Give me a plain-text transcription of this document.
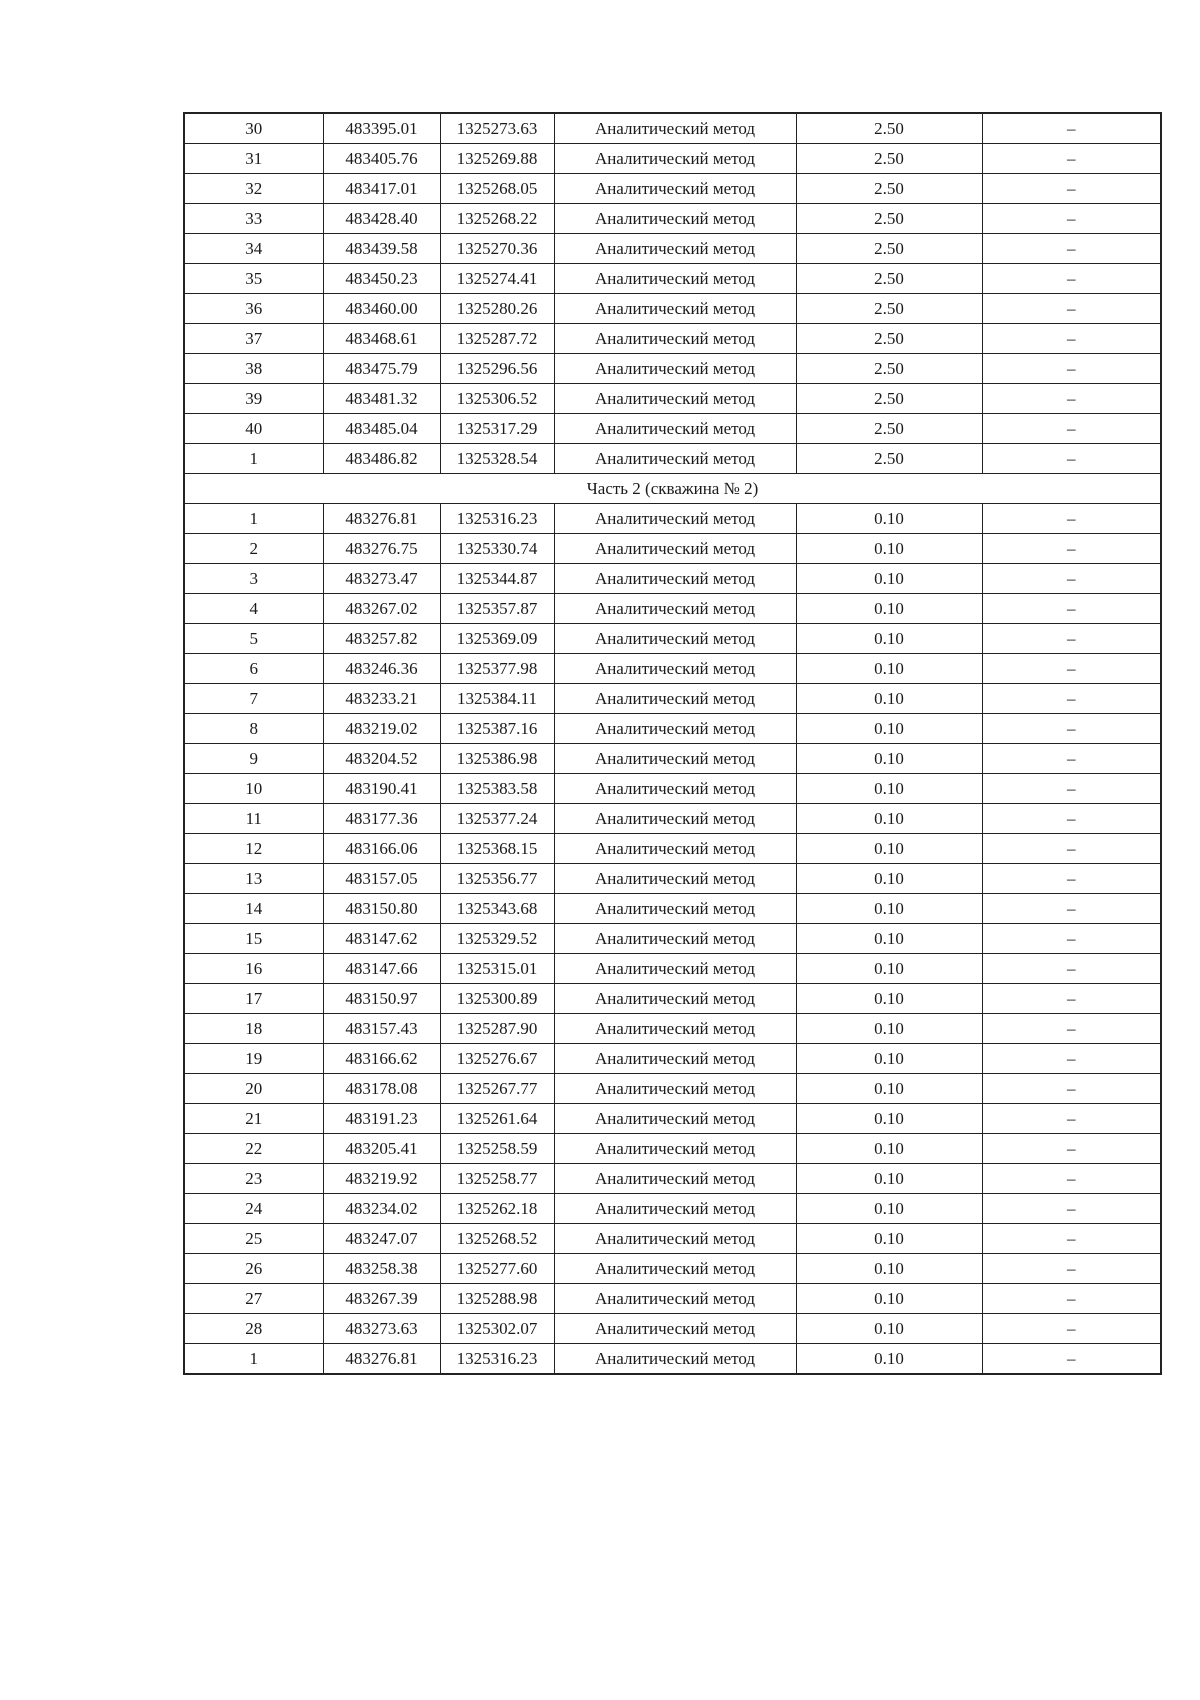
30	483395.01	1325273.63	Аналитический метод	2.50	–
31	483405.76	1325269.88	Аналитический метод	2.50	–
32	483417.01	1325268.05	Аналитический метод	2.50	–
33	483428.40	1325268.22	Аналитический метод	2.50	–
34	483439.58	1325270.36	Аналитический метод	2.50	–
35	483450.23	1325274.41	Аналитический метод	2.50	–
36	483460.00	1325280.26	Аналитический метод	2.50	–
37	483468.61	1325287.72	Аналитический метод	2.50	–
38	483475.79	1325296.56	Аналитический метод	2.50	–
39	483481.32	1325306.52	Аналитический метод	2.50	–
40	483485.04	1325317.29	Аналитический метод	2.50	–
1	483486.82	1325328.54	Аналитический метод	2.50	–
Часть 2 (скважина № 2)					
1	483276.81	1325316.23	Аналитический метод	0.10	–
2	483276.75	1325330.74	Аналитический метод	0.10	–
3	483273.47	1325344.87	Аналитический метод	0.10	–
4	483267.02	1325357.87	Аналитический метод	0.10	–
5	483257.82	1325369.09	Аналитический метод	0.10	–
6	483246.36	1325377.98	Аналитический метод	0.10	–
7	483233.21	1325384.11	Аналитический метод	0.10	–
8	483219.02	1325387.16	Аналитический метод	0.10	–
9	483204.52	1325386.98	Аналитический метод	0.10	–
10	483190.41	1325383.58	Аналитический метод	0.10	–
11	483177.36	1325377.24	Аналитический метод	0.10	–
12	483166.06	1325368.15	Аналитический метод	0.10	–
13	483157.05	1325356.77	Аналитический метод	0.10	–
14	483150.80	1325343.68	Аналитический метод	0.10	–
15	483147.62	1325329.52	Аналитический метод	0.10	–
16	483147.66	1325315.01	Аналитический метод	0.10	–
17	483150.97	1325300.89	Аналитический метод	0.10	–
18	483157.43	1325287.90	Аналитический метод	0.10	–
19	483166.62	1325276.67	Аналитический метод	0.10	–
20	483178.08	1325267.77	Аналитический метод	0.10	–
21	483191.23	1325261.64	Аналитический метод	0.10	–
22	483205.41	1325258.59	Аналитический метод	0.10	–
23	483219.92	1325258.77	Аналитический метод	0.10	–
24	483234.02	1325262.18	Аналитический метод	0.10	–
25	483247.07	1325268.52	Аналитический метод	0.10	–
26	483258.38	1325277.60	Аналитический метод	0.10	–
27	483267.39	1325288.98	Аналитический метод	0.10	–
28	483273.63	1325302.07	Аналитический метод	0.10	–
1	483276.81	1325316.23	Аналитический метод	0.10	–
